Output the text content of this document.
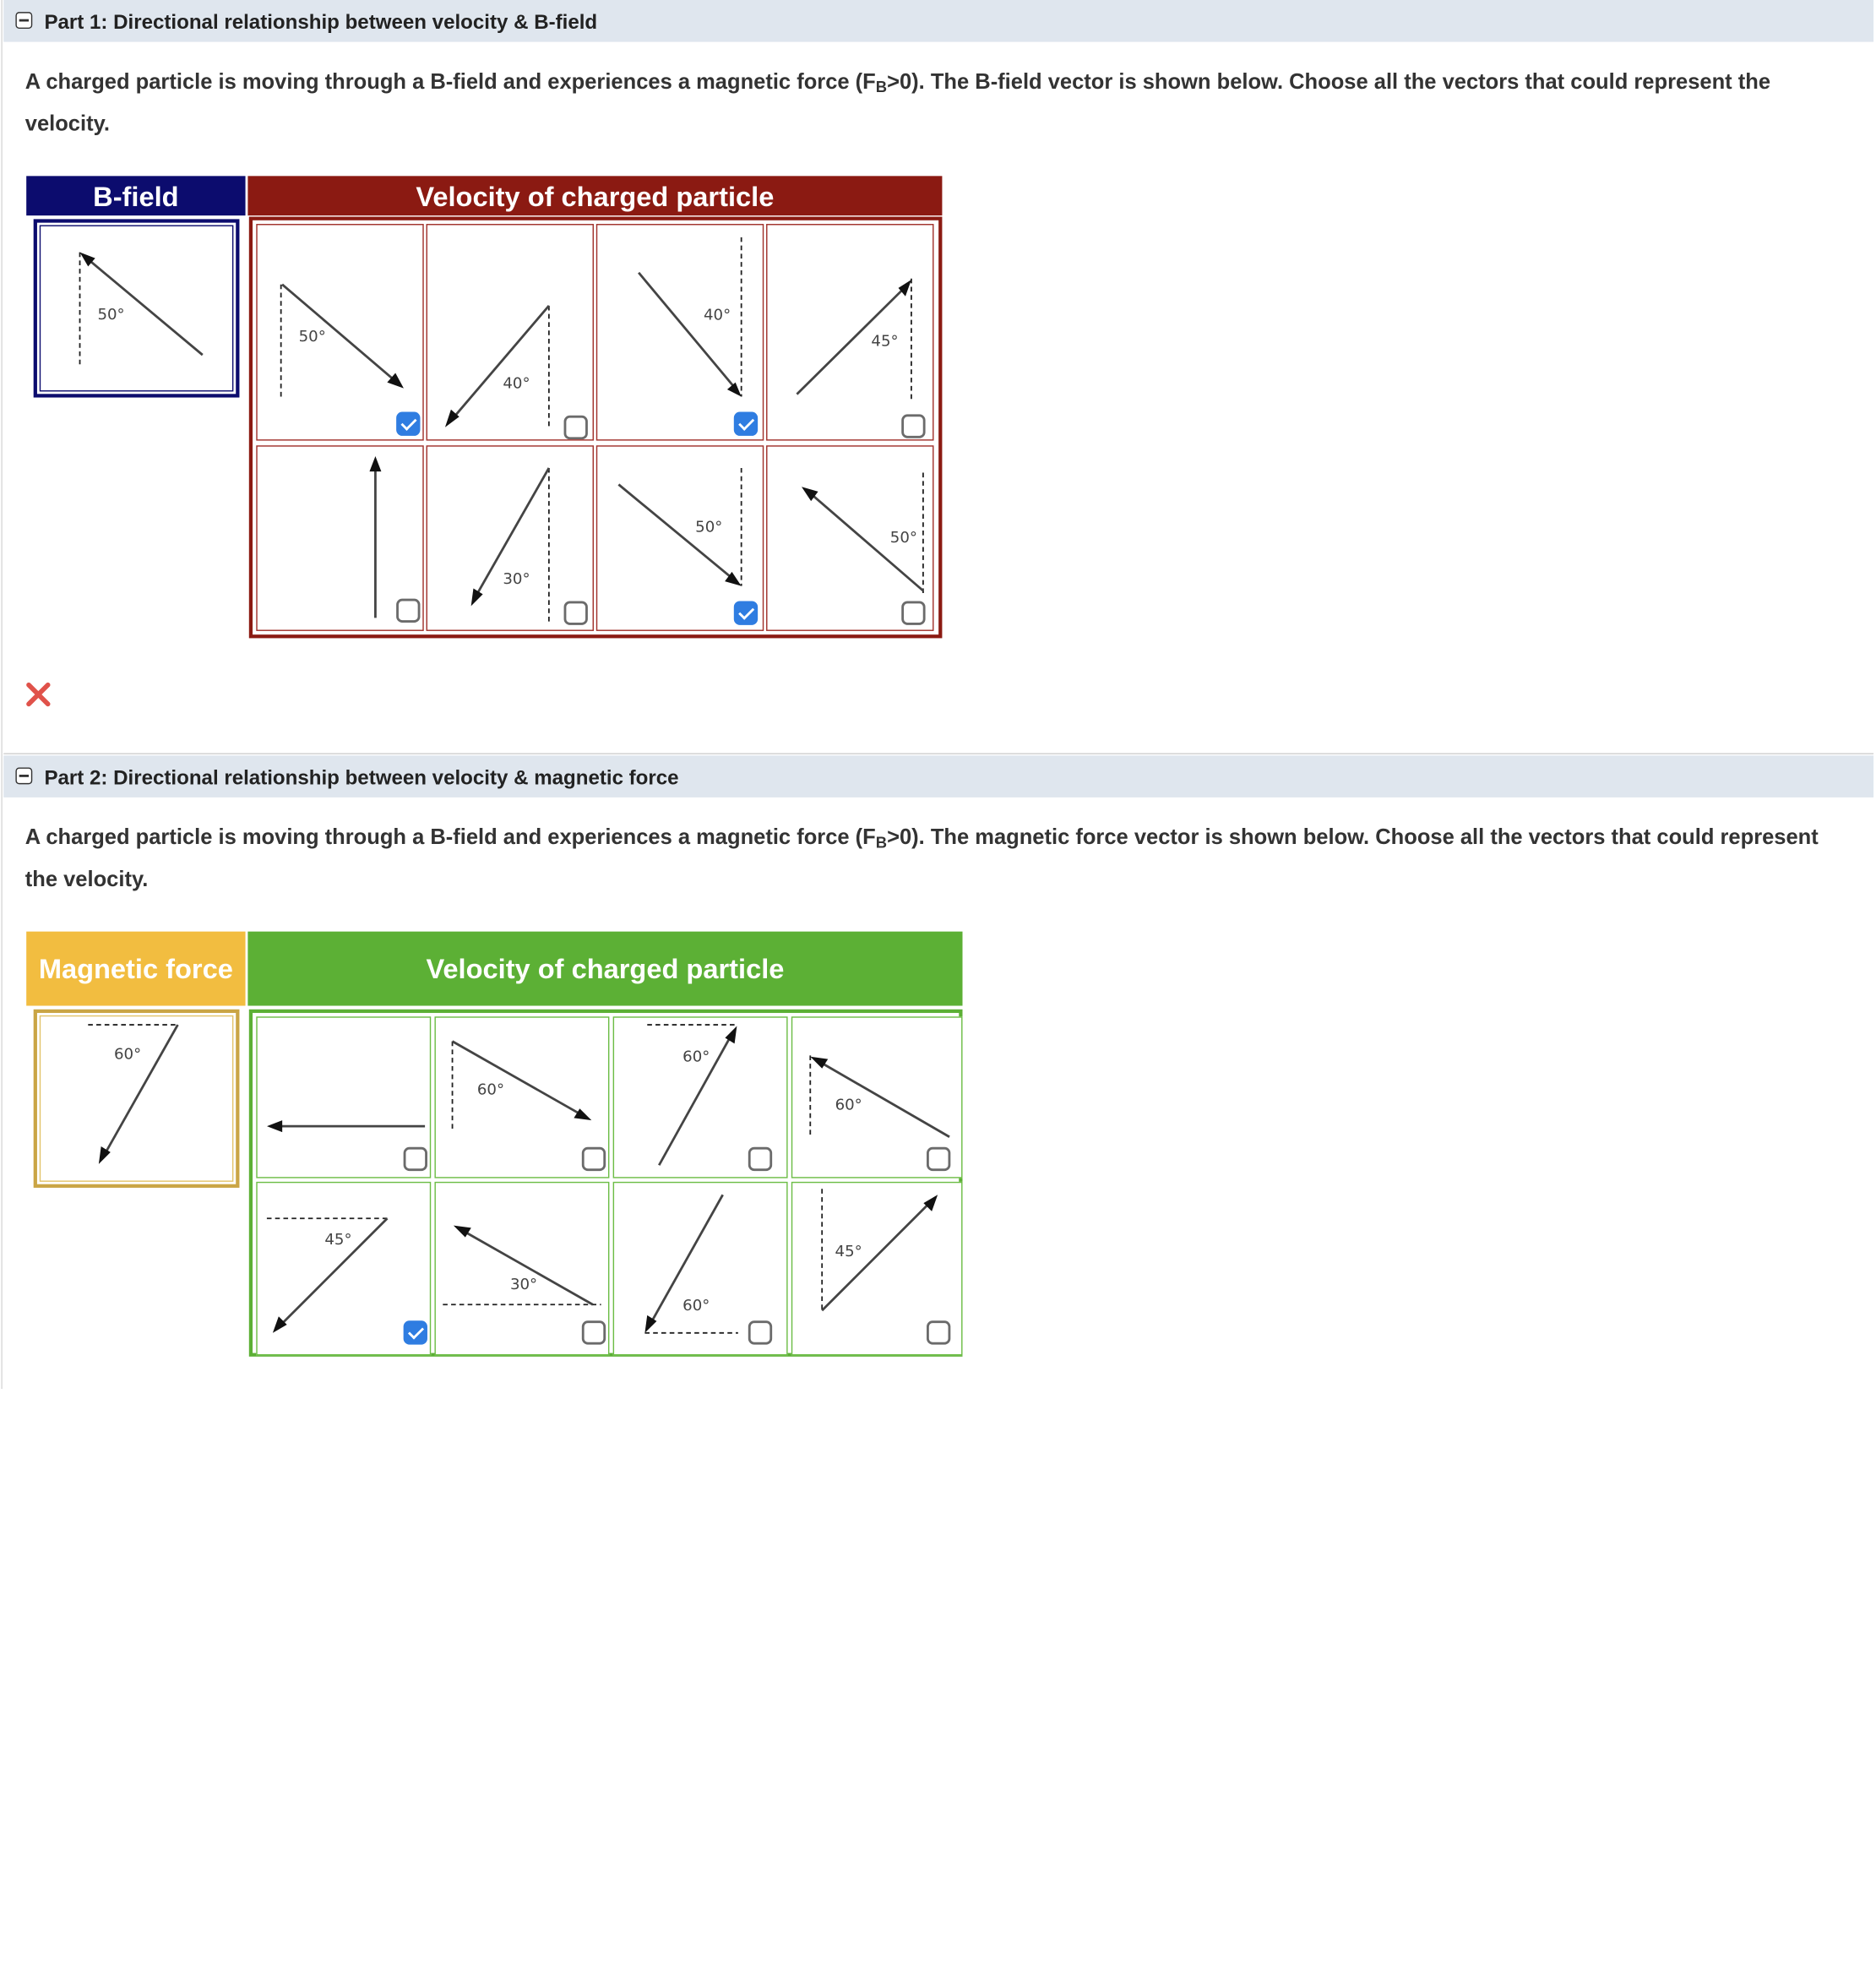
Part 1: Directional relationship between velocity & B-field
A charged particle is moving through a B-field and experiences a magnetic force $(F_B>0)$. The B-field vector is shown below. Choose all the vectors that could represent the velocity.
B-field	Velocity of charged particle
50°
50°
40°
40°
45°
30°
50°
50°
Part 2: Directional relationship between velocity & magnetic force
A charged particle is moving through a B-field and experiences a magnetic force $(F_B>0)$. The magnetic force vector is shown below. Choose all the vectors that could represent the velocity.
Magnetic force	Velocity of charged particle
60°
60°
60°
60°
45°
30°
60°
45°
